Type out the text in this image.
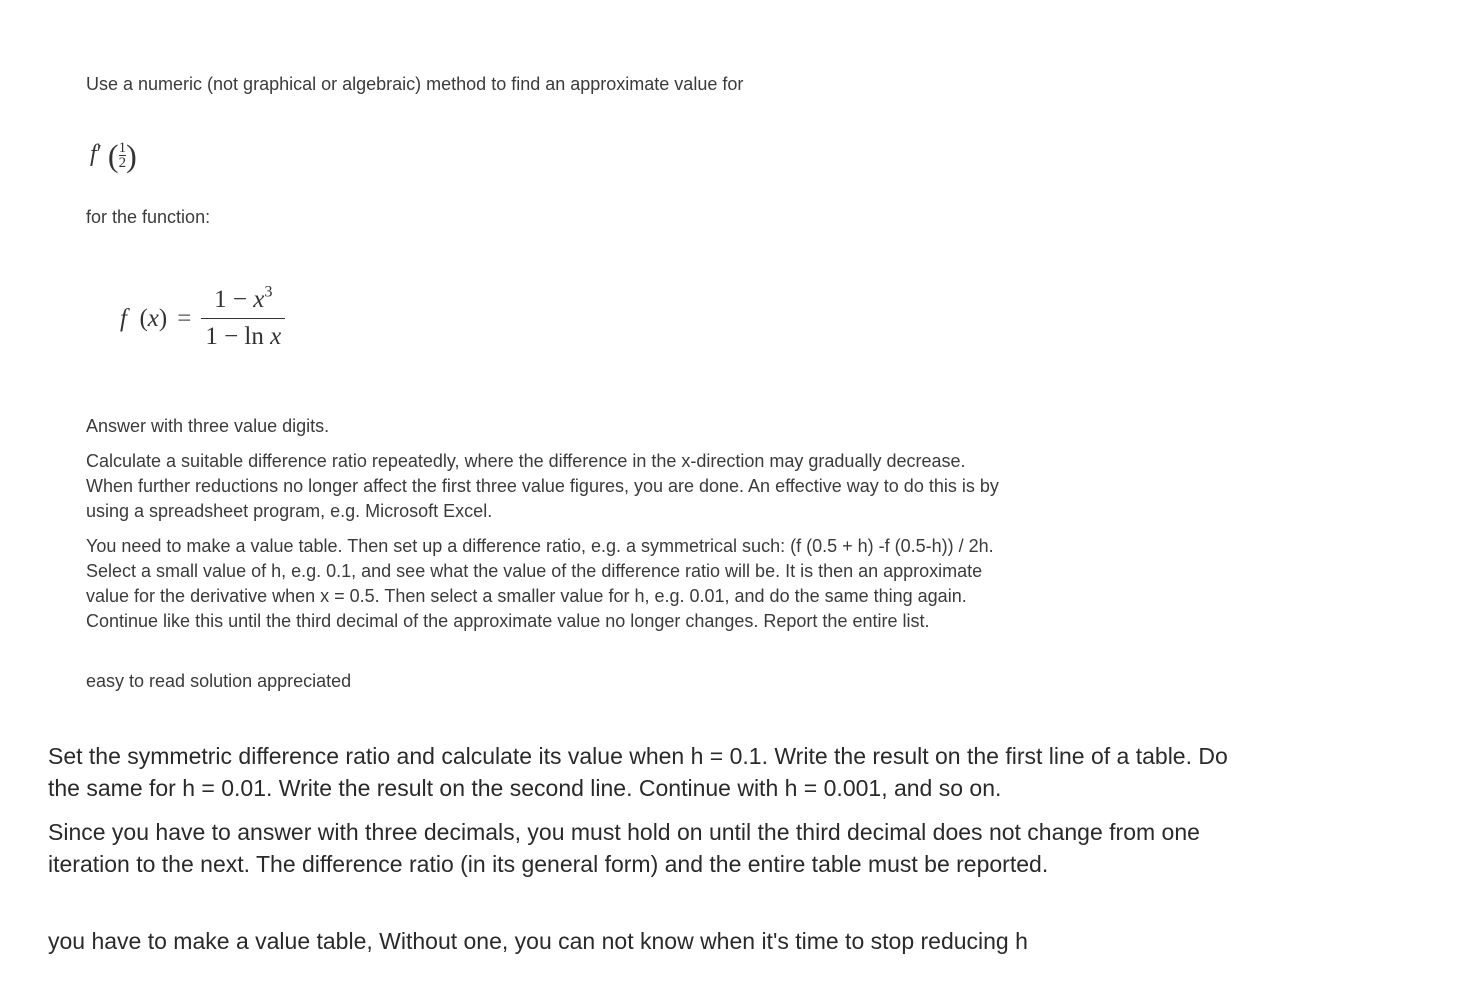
Use a numeric (not graphical or algebraic) method to find an approximate value for

f′ ( $\frac{1}{2}$ )

for the function:

f  $(x) = \frac{1 - x^3}{\text{1 − ln x}}$

Answer with three value digits.

Calculate a suitable difference ratio repeatedly, where the difference in the x-direction may gradually decrease. When further reductions no longer affect the first three value figures, you are done. An effective way to do this is by using a spreadsheet program, e.g. Microsoft Excel.

You need to make a value table. Then set up a difference ratio, e.g. a symmetrical such: (f (0.5 + h) -f (0.5-h)) / 2h. Select a small value of h, e.g. 0.1, and see what the value of the difference ratio will be. It is then an approximate value for the derivative when x = 0.5. Then select a smaller value for h, e.g. 0.01, and do the same thing again. Continue like this until the third decimal of the approximate value no longer changes. Report the entire list.

easy to read solution appreciated

Set the symmetric difference ratio and calculate its value when h = 0.1. Write the result on the first line of a table. Do the same for h = 0.01. Write the result on the second line. Continue with h = 0.001, and so on.

Since you have to answer with three decimals, you must hold on until the third decimal does not change from one iteration to the next. The difference ratio (in its general form) and the entire table must be reported.

you have to make a value table, Without one, you can not know when it's time to stop reducing h
